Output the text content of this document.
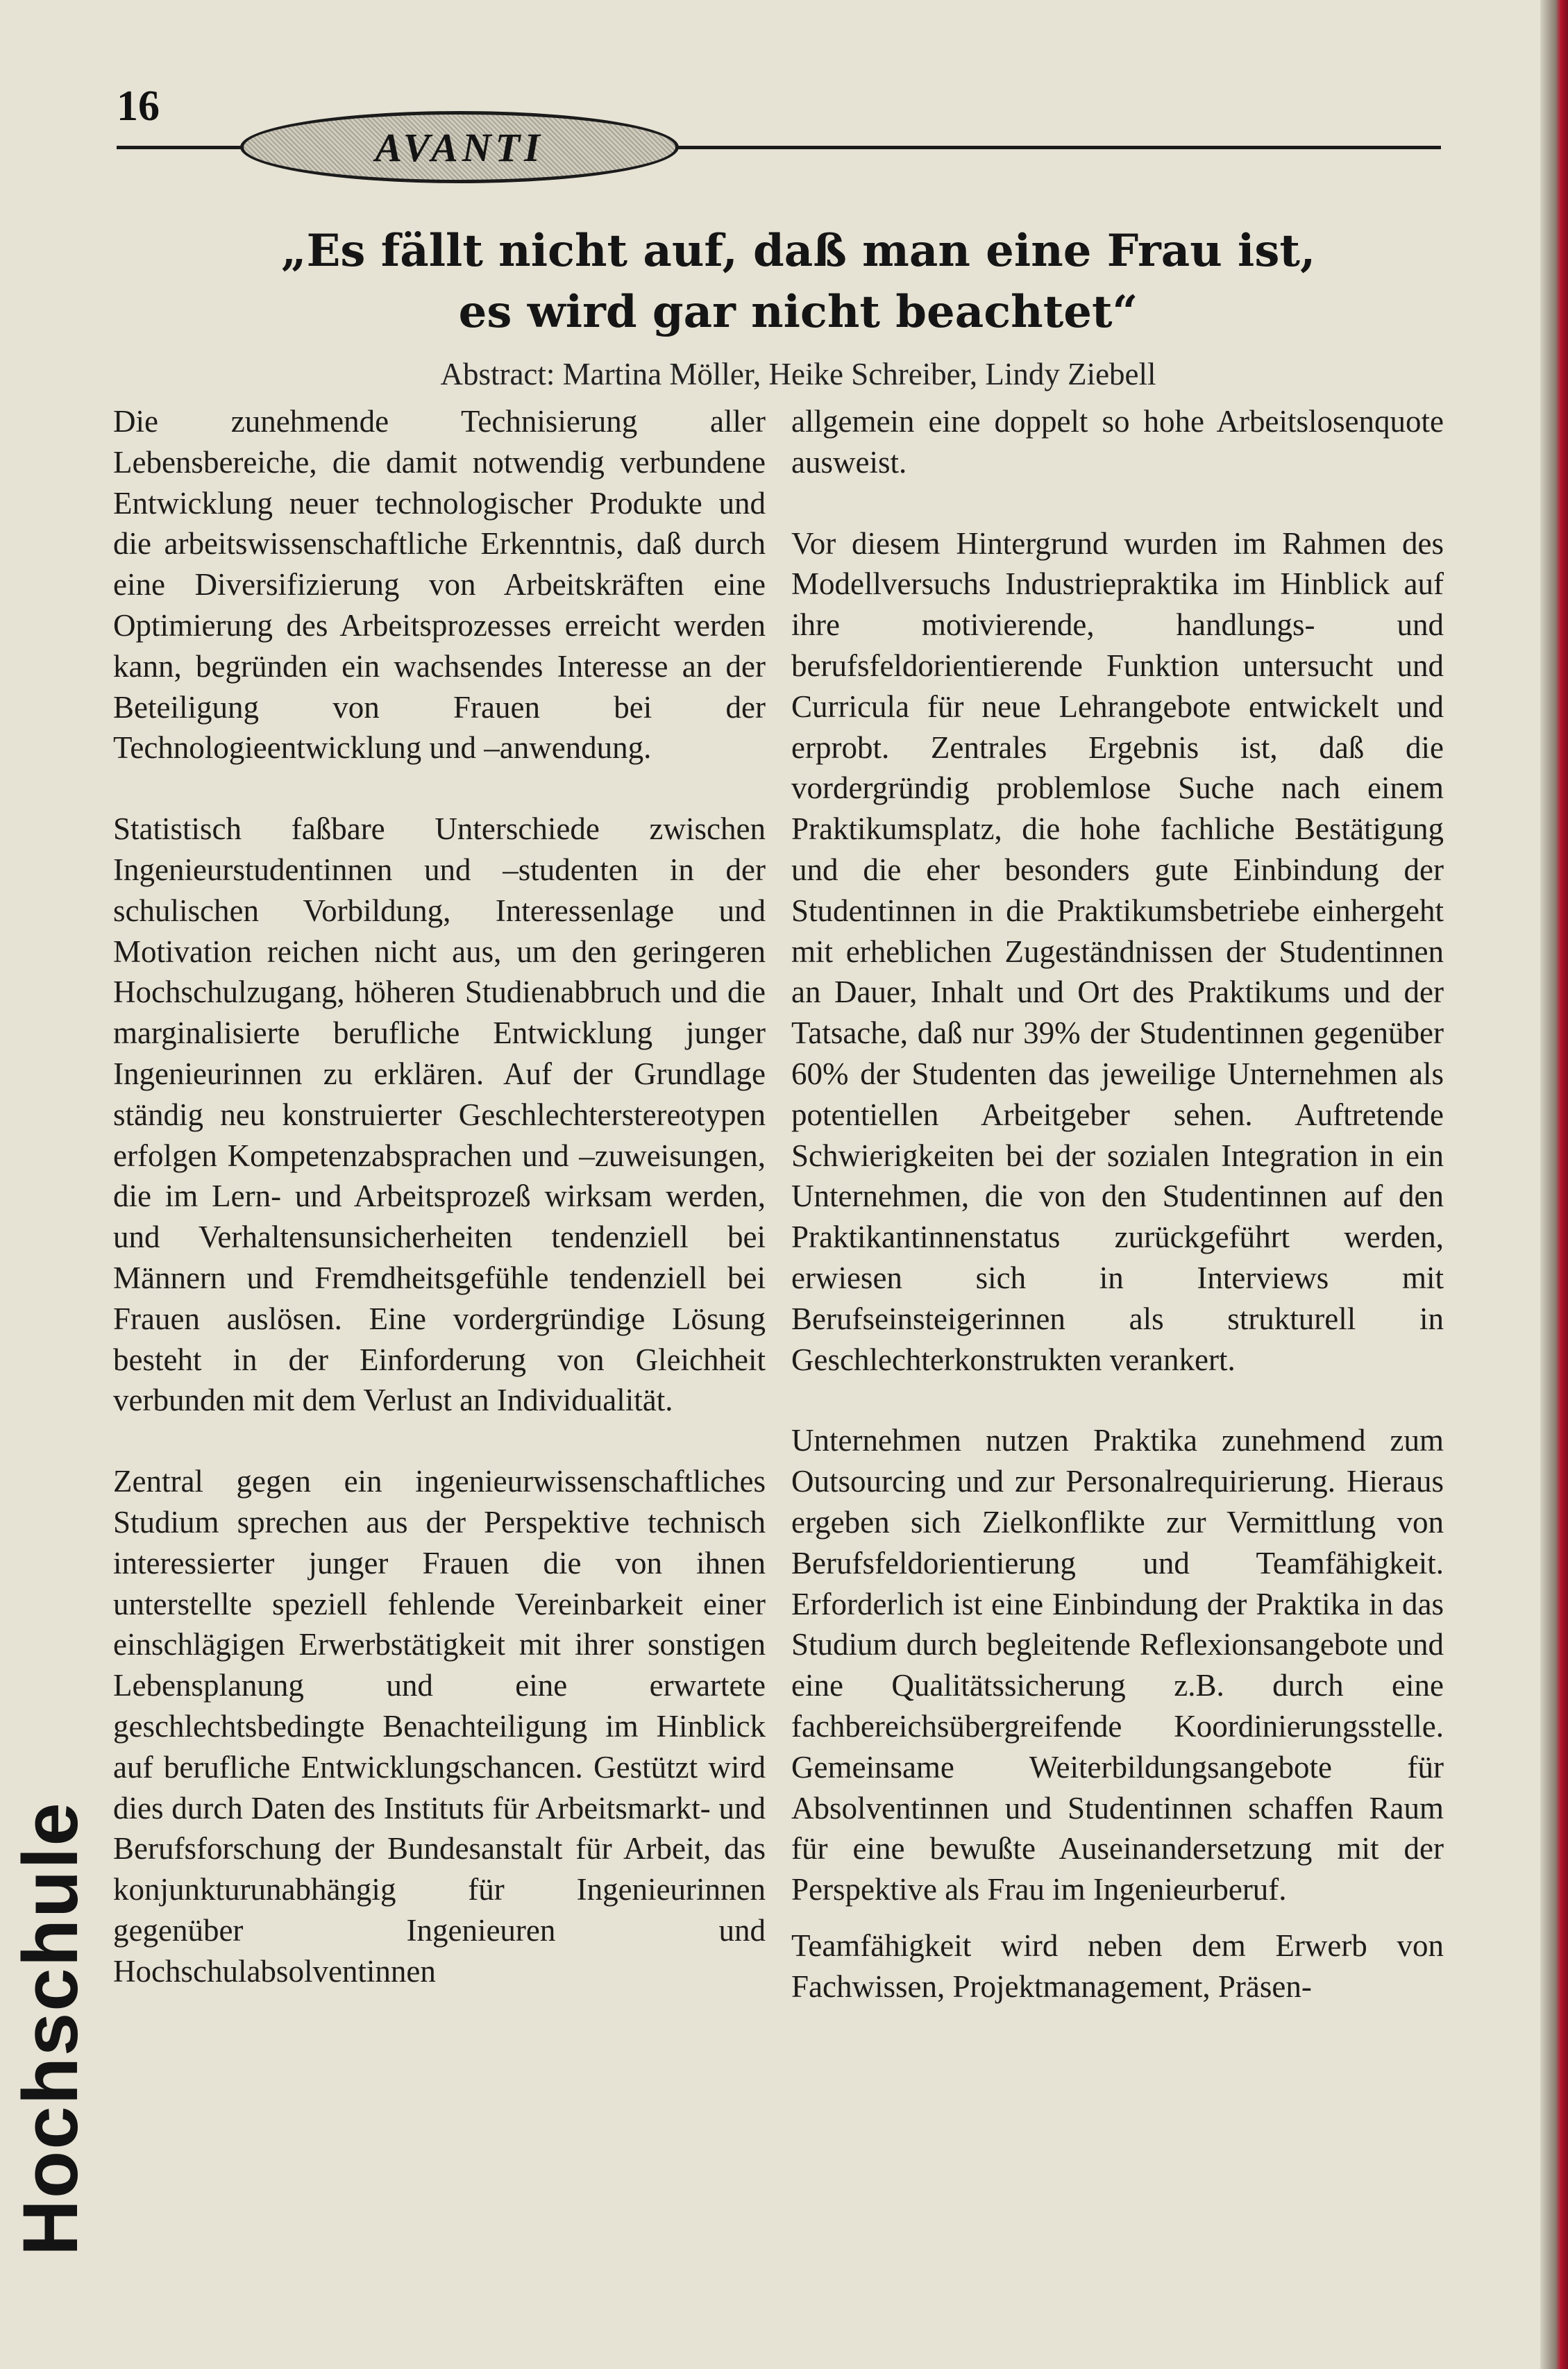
16
AVANTI
„Es fällt nicht auf, daß man eine Frau ist,
es wird gar nicht beachtet“
Abstract: Martina Möller, Heike Schreiber, Lindy Ziebell

Die zunehmende Technisierung aller Lebensbereiche, die damit notwendig verbundene Entwicklung neuer technologischer Produkte und die arbeitswissenschaftliche Erkenntnis, daß durch eine Diversifizierung von Arbeitskräften eine Optimierung des Arbeitsprozesses erreicht werden kann, begründen ein wachsendes Interesse an der Beteiligung von Frauen bei der Technologieentwicklung und –anwendung.

Statistisch faßbare Unterschiede zwischen Ingenieurstudentinnen und –studenten in der schulischen Vorbildung, Interessenlage und Motivation reichen nicht aus, um den geringeren Hochschulzugang, höheren Studienabbruch und die marginalisierte berufliche Entwicklung junger Ingenieurinnen zu erklären. Auf der Grundlage ständig neu konstruierter Geschlechterstereotypen erfolgen Kompetenzabsprachen und –zuweisungen, die im Lern- und Arbeitsprozeß wirksam werden, und Verhaltensunsicherheiten tendenziell bei Männern und Fremdheitsgefühle tendenziell bei Frauen auslösen. Eine vordergründige Lösung besteht in der Einforderung von Gleichheit verbunden mit dem Verlust an Individualität.

Zentral gegen ein ingenieurwissenschaftliches Studium sprechen aus der Perspektive technisch interessierter junger Frauen die von ihnen unterstellte speziell fehlende Vereinbarkeit einer einschlägigen Erwerbstätigkeit mit ihrer sonstigen Lebensplanung und eine erwartete geschlechtsbedingte Benachteiligung im Hinblick auf berufliche Entwicklungschancen. Gestützt wird dies durch Daten des Instituts für Arbeitsmarkt- und Berufsforschung der Bundesanstalt für Arbeit, das konjunkturunabhängig für Ingenieurinnen gegenüber Ingenieuren und Hochschulabsolventinnen

allgemein eine doppelt so hohe Arbeitslosenquote ausweist.

Vor diesem Hintergrund wurden im Rahmen des Modellversuchs Industriepraktika im Hinblick auf ihre motivierende, handlungs- und berufsfeldorientierende Funktion untersucht und Curricula für neue Lehrangebote entwickelt und erprobt. Zentrales Ergebnis ist, daß die vordergründig problemlose Suche nach einem Praktikumsplatz, die hohe fachliche Bestätigung und die eher besonders gute Einbindung der Studentinnen in die Praktikumsbetriebe einhergeht mit erheblichen Zugeständnissen der Studentinnen an Dauer, Inhalt und Ort des Praktikums und der Tatsache, daß nur 39% der Studentinnen gegenüber 60% der Studenten das jeweilige Unternehmen als potentiellen Arbeitgeber sehen. Auftretende Schwierigkeiten bei der sozialen Integration in ein Unternehmen, die von den Studentinnen auf den Praktikantinnenstatus zurückgeführt werden, erwiesen sich in Interviews mit Berufseinsteigerinnen als strukturell in Geschlechterkonstrukten verankert.

Unternehmen nutzen Praktika zunehmend zum Outsourcing und zur Personalrequirierung. Hieraus ergeben sich Zielkonflikte zur Vermittlung von Berufsfeldorientierung und Teamfähigkeit. Erforderlich ist eine Einbindung der Praktika in das Studium durch begleitende Reflexionsangebote und eine Qualitätssicherung z.B. durch eine fachbereichsübergreifende Koordinierungsstelle. Gemeinsame Weiterbildungsangebote für Absolventinnen und Studentinnen schaffen Raum für eine bewußte Auseinandersetzung mit der Perspektive als Frau im Ingenieurberuf.

Teamfähigkeit wird neben dem Erwerb von Fachwissen, Projektmanagement, Präsen-

Hochschule
